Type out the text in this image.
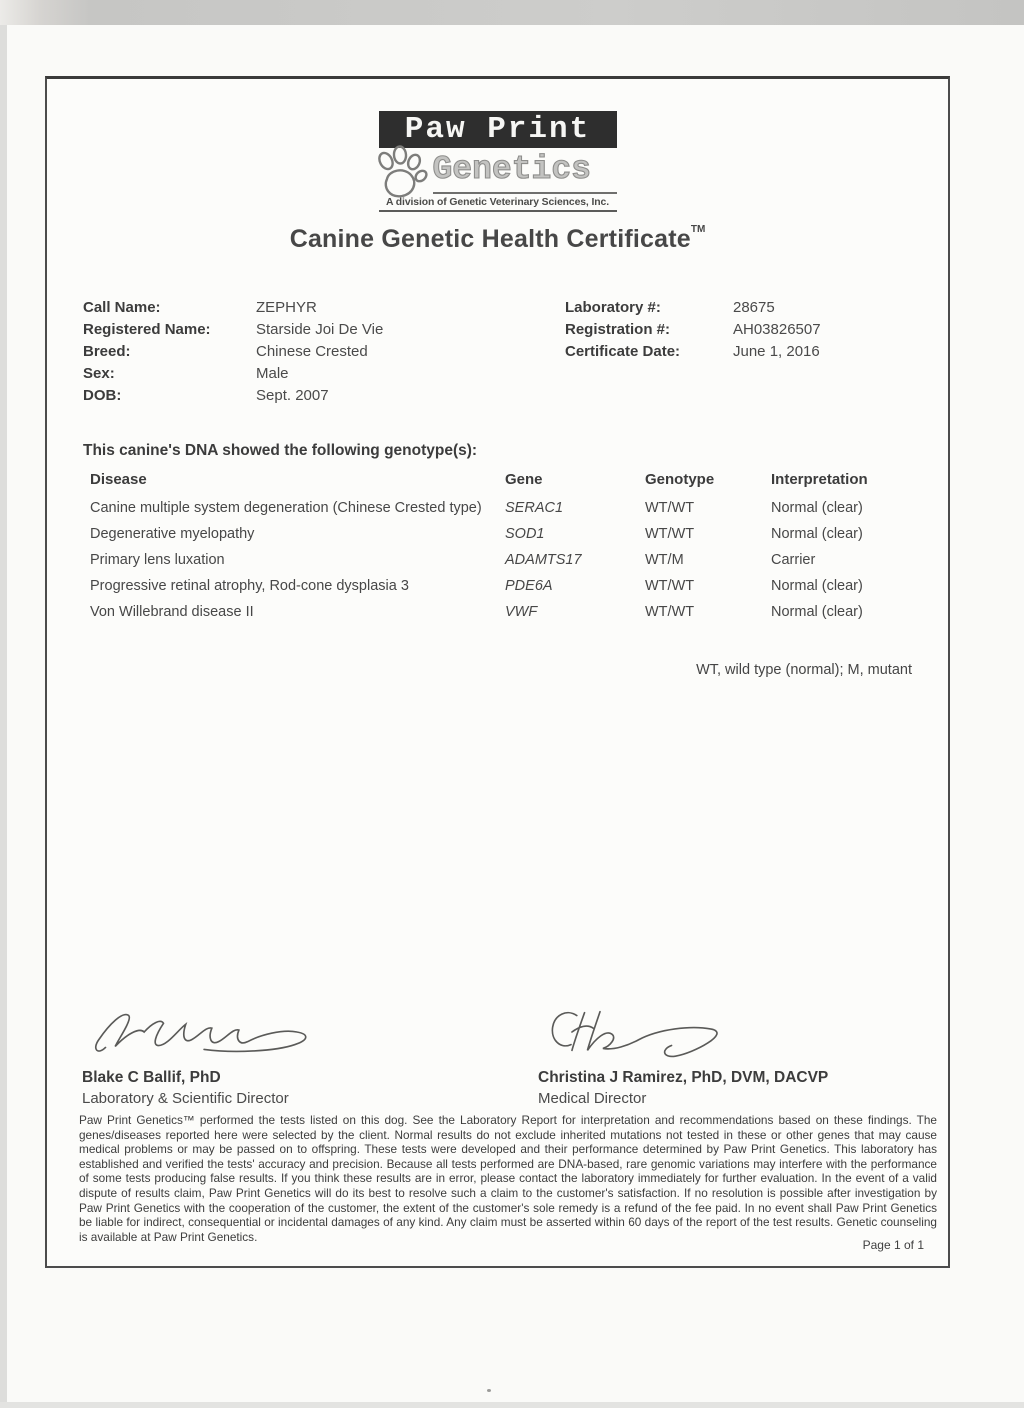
Paw Print
Genetics
A division of Genetic Veterinary Sciences, Inc.
Canine Genetic Health Certificate™
Call Name:	ZEPHYR
Registered Name:	Starside Joi De Vie
Breed:	Chinese Crested
Sex:	Male
DOB:	Sept. 2007
Laboratory #:	28675
Registration #:	AH03826507
Certificate Date:	June 1, 2016
This canine's DNA showed the following genotype(s):
Disease	Gene	Genotype	Interpretation
Canine multiple system degeneration (Chinese Crested type)	SERAC1	WT/WT	Normal (clear)
Degenerative myelopathy	SOD1	WT/WT	Normal (clear)
Primary lens luxation	ADAMTS17	WT/M	Carrier
Progressive retinal atrophy, Rod-cone dysplasia 3	PDE6A	WT/WT	Normal (clear)
Von Willebrand disease II	VWF	WT/WT	Normal (clear)
WT, wild type (normal); M, mutant
Blake C Ballif, PhD
Laboratory & Scientific Director
Christina J Ramirez, PhD, DVM, DACVP
Medical Director
Paw Print Genetics™ performed the tests listed on this dog. See the Laboratory Report for interpretation and recommendations based on these findings. The genes/diseases reported here were selected by the client. Normal results do not exclude inherited mutations not tested in these or other genes that may cause medical problems or may be passed on to offspring. These tests were developed and their performance determined by Paw Print Genetics. This laboratory has established and verified the tests' accuracy and precision. Because all tests performed are DNA-based, rare genomic variations may interfere with the performance of some tests producing false results. If you think these results are in error, please contact the laboratory immediately for further evaluation. In the event of a valid dispute of results claim, Paw Print Genetics will do its best to resolve such a claim to the customer's satisfaction. If no resolution is possible after investigation by Paw Print Genetics with the cooperation of the customer, the extent of the customer's sole remedy is a refund of the fee paid. In no event shall Paw Print Genetics be liable for indirect, consequential or incidental damages of any kind. Any claim must be asserted within 60 days of the report of the test results. Genetic counseling is available at Paw Print Genetics.
Page 1 of 1
